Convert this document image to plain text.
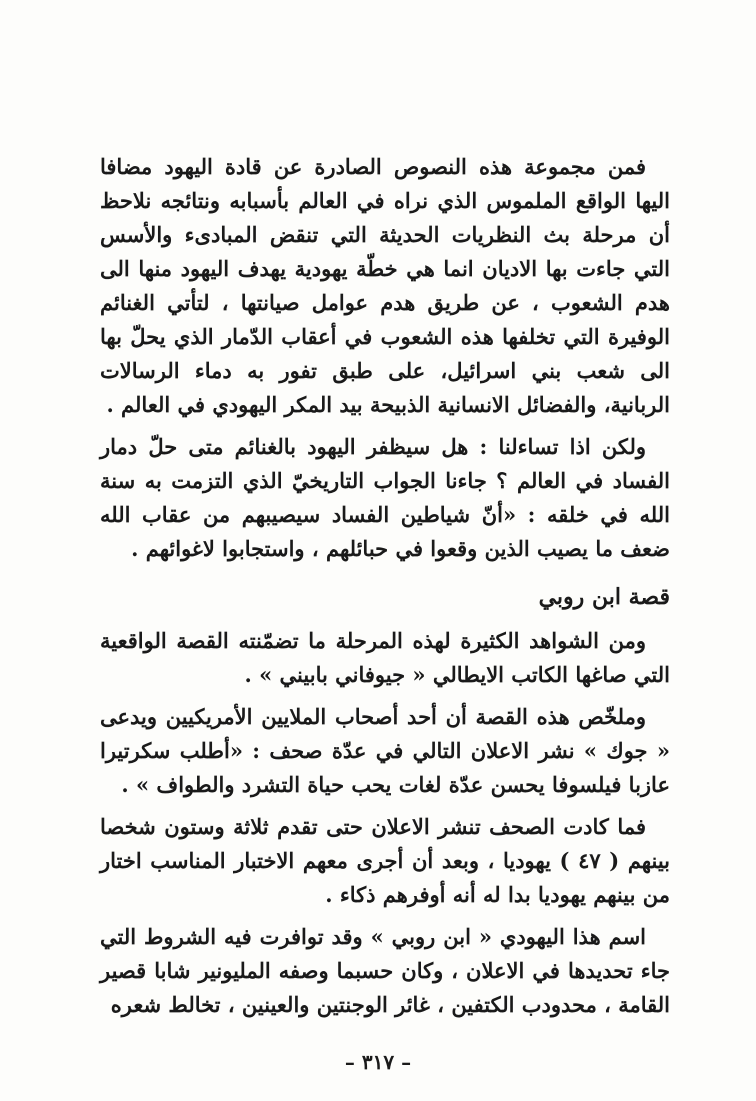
فمن مجموعة هذه النصوص الصادرة عن قادة اليهود مضافا اليها الواقع الملموس الذي نراه في العالم بأسبابه ونتائجه نلاحظ أن مرحلة بث النظريات الحديثة التي تنقض المبادىء والأسس التي جاءت بها الاديان انما هي خطّة يهودية يهدف اليهود منها الى هدم الشعوب ، عن طريق هدم عوامل صيانتها ، لتأتي الغنائم الوفيرة التي تخلفها هذه الشعوب في أعقاب الدّمار الذي يحلّ بها الى شعب بني اسرائيل، على طبق تفور به دماء الرسالات الربانية، والفضائل الانسانية الذبيحة بيد المكر اليهودي في العالم .

ولكن اذا تساءلنا : هل سيظفر اليهود بالغنائم متى حلّ دمار الفساد في العالم ؟ جاءنا الجواب التاريخيّ الذي التزمت به سنة الله في خلقه : «أنّ شياطين الفساد سيصيبهم من عقاب الله ضعف ما يصيب الذين وقعوا في حبائلهم ، واستجابوا لاغوائهم .

قصة ابن روبي

ومن الشواهد الكثيرة لهذه المرحلة ما تضمّنته القصة الواقعية التي صاغها الكاتب الايطالي « جيوفاني بابيني » .

وملخّص هذه القصة أن أحد أصحاب الملايين الأمريكيين ويدعى « جوك » نشر الاعلان التالي في عدّة صحف : «أطلب سكرتيرا عازبا فيلسوفا يحسن عدّة لغات يحب حياة التشرد والطواف » .

فما كادت الصحف تنشر الاعلان حتى تقدم ثلاثة وستون شخصا بينهم ( ٤٧ ) يهوديا ، وبعد أن أجرى معهم الاختبار المناسب اختار من بينهم يهوديا بدا له أنه أوفرهم ذكاء .

اسم هذا اليهودي « ابن روبي » وقد توافرت فيه الشروط التي جاء تحديدها في الاعلان ، وكان حسبما وصفه المليونير شابا قصير القامة ، محدودب الكتفين ، غائر الوجنتين والعينين ، تخالط شعره

– ٣١٧ –
